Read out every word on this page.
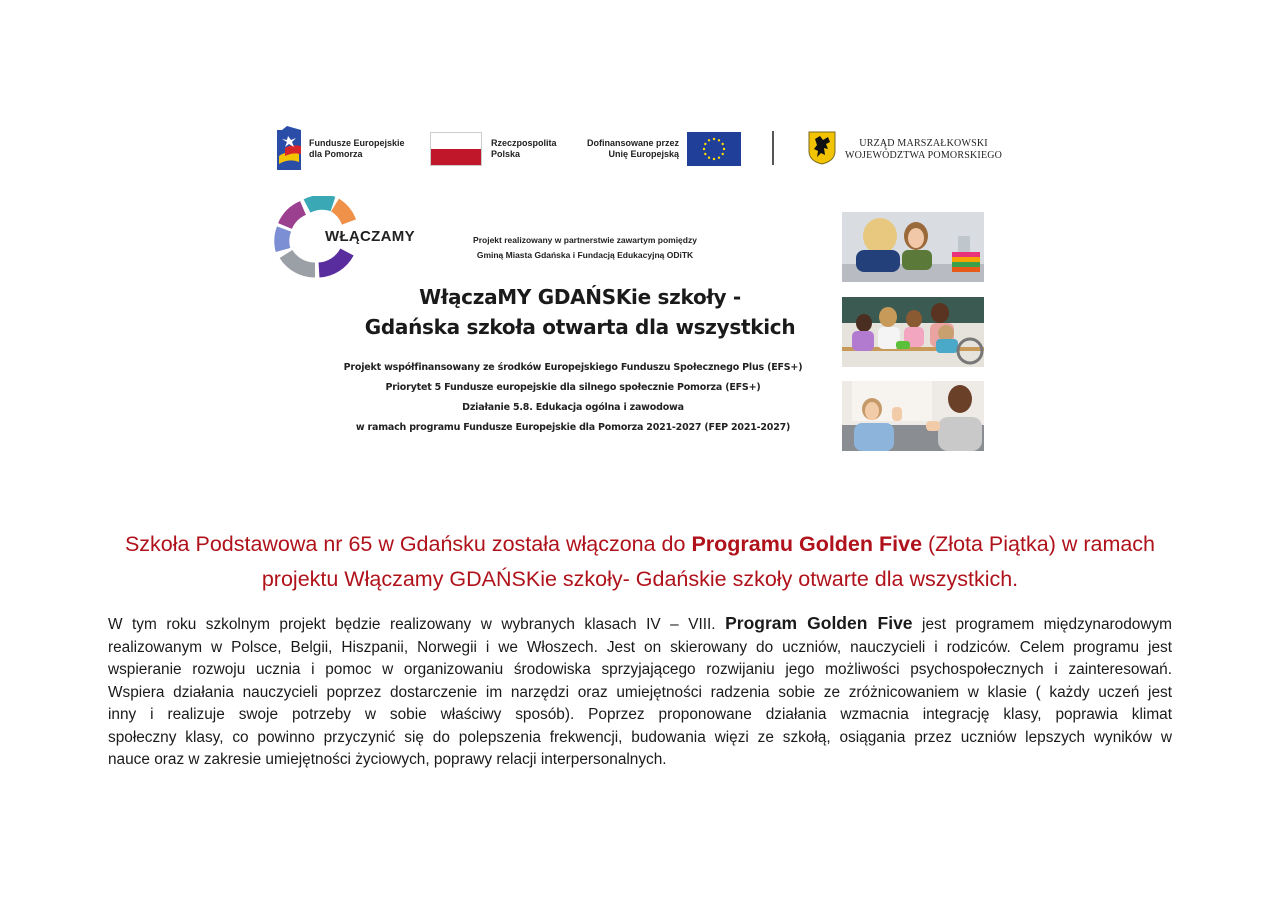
Fundusze Europejskie
dla Pomorza
Rzeczpospolita
Polska
Dofinansowane przez
Unię Europejską
URZĄD MARSZAŁKOWSKI
WOJEWÓDZTWA POMORSKIEGO
WŁĄCZAMY	Projekt realizowany w partnerstwie zawartym pomiędzy
Gminą Miasta Gdańska i Fundacją Edukacyjną ODiTK
WłączaMY GDAŃSKie szkoły -
Gdańska szkoła otwarta dla wszystkich
Projekt współfinansowany ze środków Europejskiego Funduszu Społecznego Plus (EFS+)
Priorytet 5 Fundusze europejskie dla silnego społecznie Pomorza (EFS+)
Działanie 5.8. Edukacja ogólna i zawodowa
w ramach programu Fundusze Europejskie dla Pomorza 2021-2027 (FEP 2021-2027)
Szkoła Podstawowa nr 65 w Gdańsku została włączona do Programu Golden Five (Złota Piątka) w ramach
projektu Włączamy GDAŃSKie szkoły- Gdańskie szkoły otwarte dla wszystkich.
W tym roku szkolnym projekt będzie realizowany w wybranych klasach IV – VIII. Program Golden Five jest programem międzynarodowym
realizowanym w Polsce, Belgii, Hiszpanii, Norwegii i we Włoszech. Jest on skierowany do uczniów, nauczycieli i rodziców. Celem programu jest
wspieranie rozwoju ucznia i pomoc w organizowaniu środowiska sprzyjającego rozwijaniu jego możliwości psychospołecznych i zainteresowań.
Wspiera działania nauczycieli poprzez dostarczenie im narzędzi oraz umiejętności radzenia sobie ze zróżnicowaniem w klasie ( każdy uczeń jest
inny i realizuje swoje potrzeby w sobie właściwy sposób). Poprzez proponowane działania wzmacnia integrację klasy, poprawia klimat
społeczny klasy, co powinno przyczynić się do polepszenia frekwencji, budowania więzi ze szkołą, osiągania przez uczniów lepszych wyników w
nauce oraz w zakresie umiejętności życiowych, poprawy relacji interpersonalnych.
